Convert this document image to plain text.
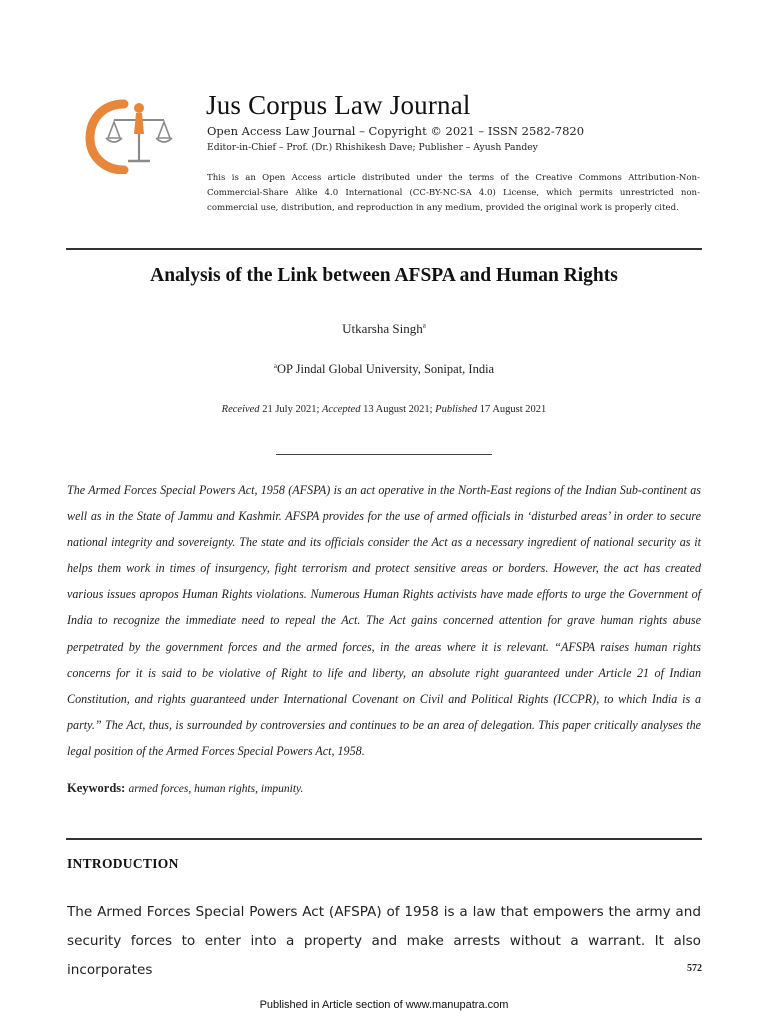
Jus Corpus Law Journal
Open Access Law Journal – Copyright © 2021 – ISSN 2582-7820
Editor-in-Chief – Prof. (Dr.) Rhishikesh Dave; Publisher – Ayush Pandey

This is an Open Access article distributed under the terms of the Creative Commons Attribution-Non-Commercial-Share Alike 4.0 International (CC-BY-NC-SA 4.0) License, which permits unrestricted non-commercial use, distribution, and reproduction in any medium, provided the original work is properly cited.

Analysis of the Link between AFSPA and Human Rights
Utkarsha Singh$^a$
$^a$OP Jindal Global University, Sonipat, India
Received 21 July 2021; Accepted 13 August 2021; Published 17 August 2021

The Armed Forces Special Powers Act, 1958 (AFSPA) is an act operative in the North-East regions of the Indian Sub-continent as well as in the State of Jammu and Kashmir. AFSPA provides for the use of armed officials in ‘disturbed areas’ in order to secure national integrity and sovereignty. The state and its officials consider the Act as a necessary ingredient of national security as it helps them work in times of insurgency, fight terrorism and protect sensitive areas or borders. However, the act has created various issues apropos Human Rights violations. Numerous Human Rights activists have made efforts to urge the Government of India to recognize the immediate need to repeal the Act. The Act gains concerned attention for grave human rights abuse perpetrated by the government forces and the armed forces, in the areas where it is relevant. “AFSPA raises human rights concerns for it is said to be violative of Right to life and liberty, an absolute right guaranteed under Article 21 of Indian Constitution, and rights guaranteed under International Covenant on Civil and Political Rights (ICCPR), to which India is a party.” The Act, thus, is surrounded by controversies and continues to be an area of delegation. This paper critically analyses the legal position of the Armed Forces Special Powers Act, 1958.

Keywords: armed forces, human rights, impunity.
INTRODUCTION

The Armed Forces Special Powers Act (AFSPA) of 1958 is a law that empowers the army and security forces to enter into a property and make arrests without a warrant. It also incorporates	572
Published in Article section of www.manupatra.com
